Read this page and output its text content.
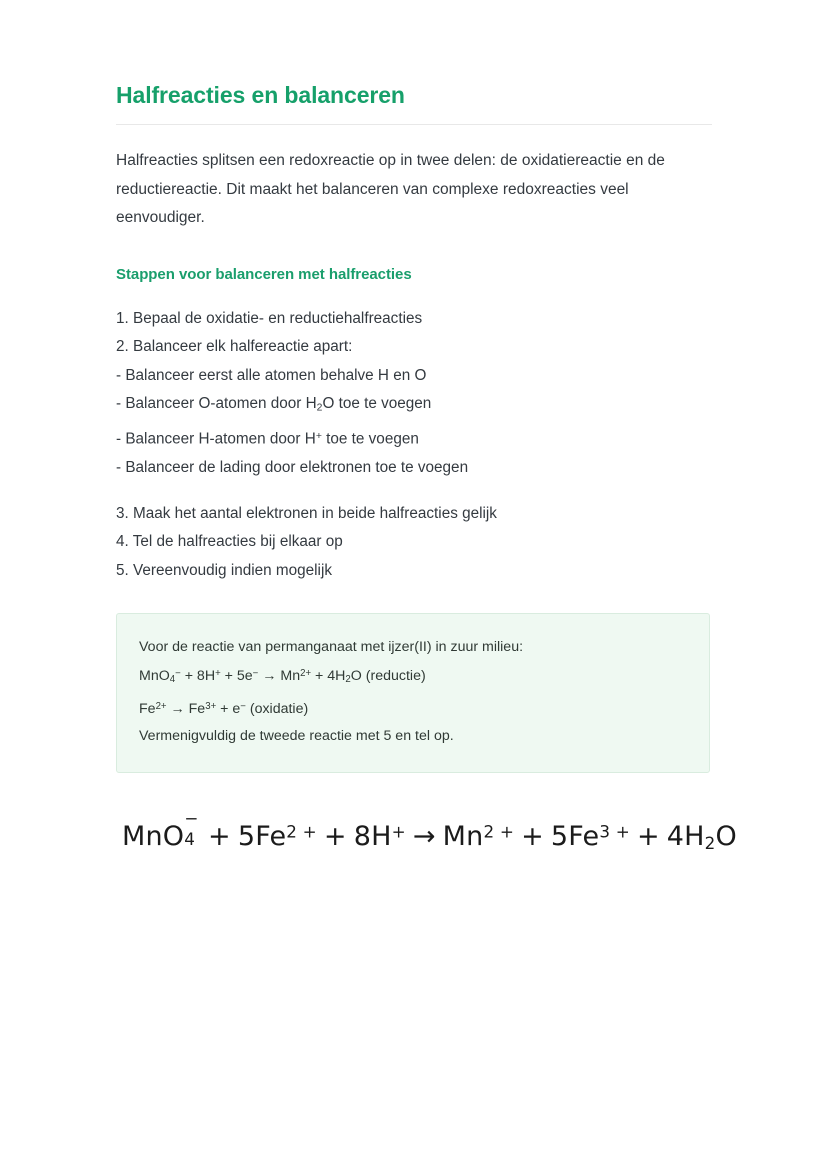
Halfreacties en balanceren

Halfreacties splitsen een redoxreactie op in twee delen: de oxidatiereactie en de reductiereactie. Dit maakt het balanceren van complexe redoxreacties veel eenvoudiger.

Stappen voor balanceren met halfreacties
1. Bepaal de oxidatie- en reductiehalfreacties
2. Balanceer elk halfereactie apart:
- Balanceer eerst alle atomen behalve H en O
- Balanceer O-atomen door $H_2O$ toe te voegen
- Balanceer H-atomen door H+ toe te voegen
- Balanceer de lading door elektronen toe te voegen
3. Maak het aantal elektronen in beide halfreacties gelijk
4. Tel de halfreacties bij elkaar op
5. Vereenvoudig indien mogelijk
Voor de reactie van permanganaat met ijzer(II) in zuur milieu:
$MnO_4^- + 8H^+ + 5e^- \to Mn^{2+} + 4H_2O$ (reductie)
$Fe^{2+} \to Fe^{3+} + e^-$ (oxidatie)
Vermenigvuldig de tweede reactie met 5 en tel op.
MnO
−
$4 + 5Fe^{2 +} + 8H^+ \to Mn^{2 +} + 5Fe^{3 +} + 4H_2O$
